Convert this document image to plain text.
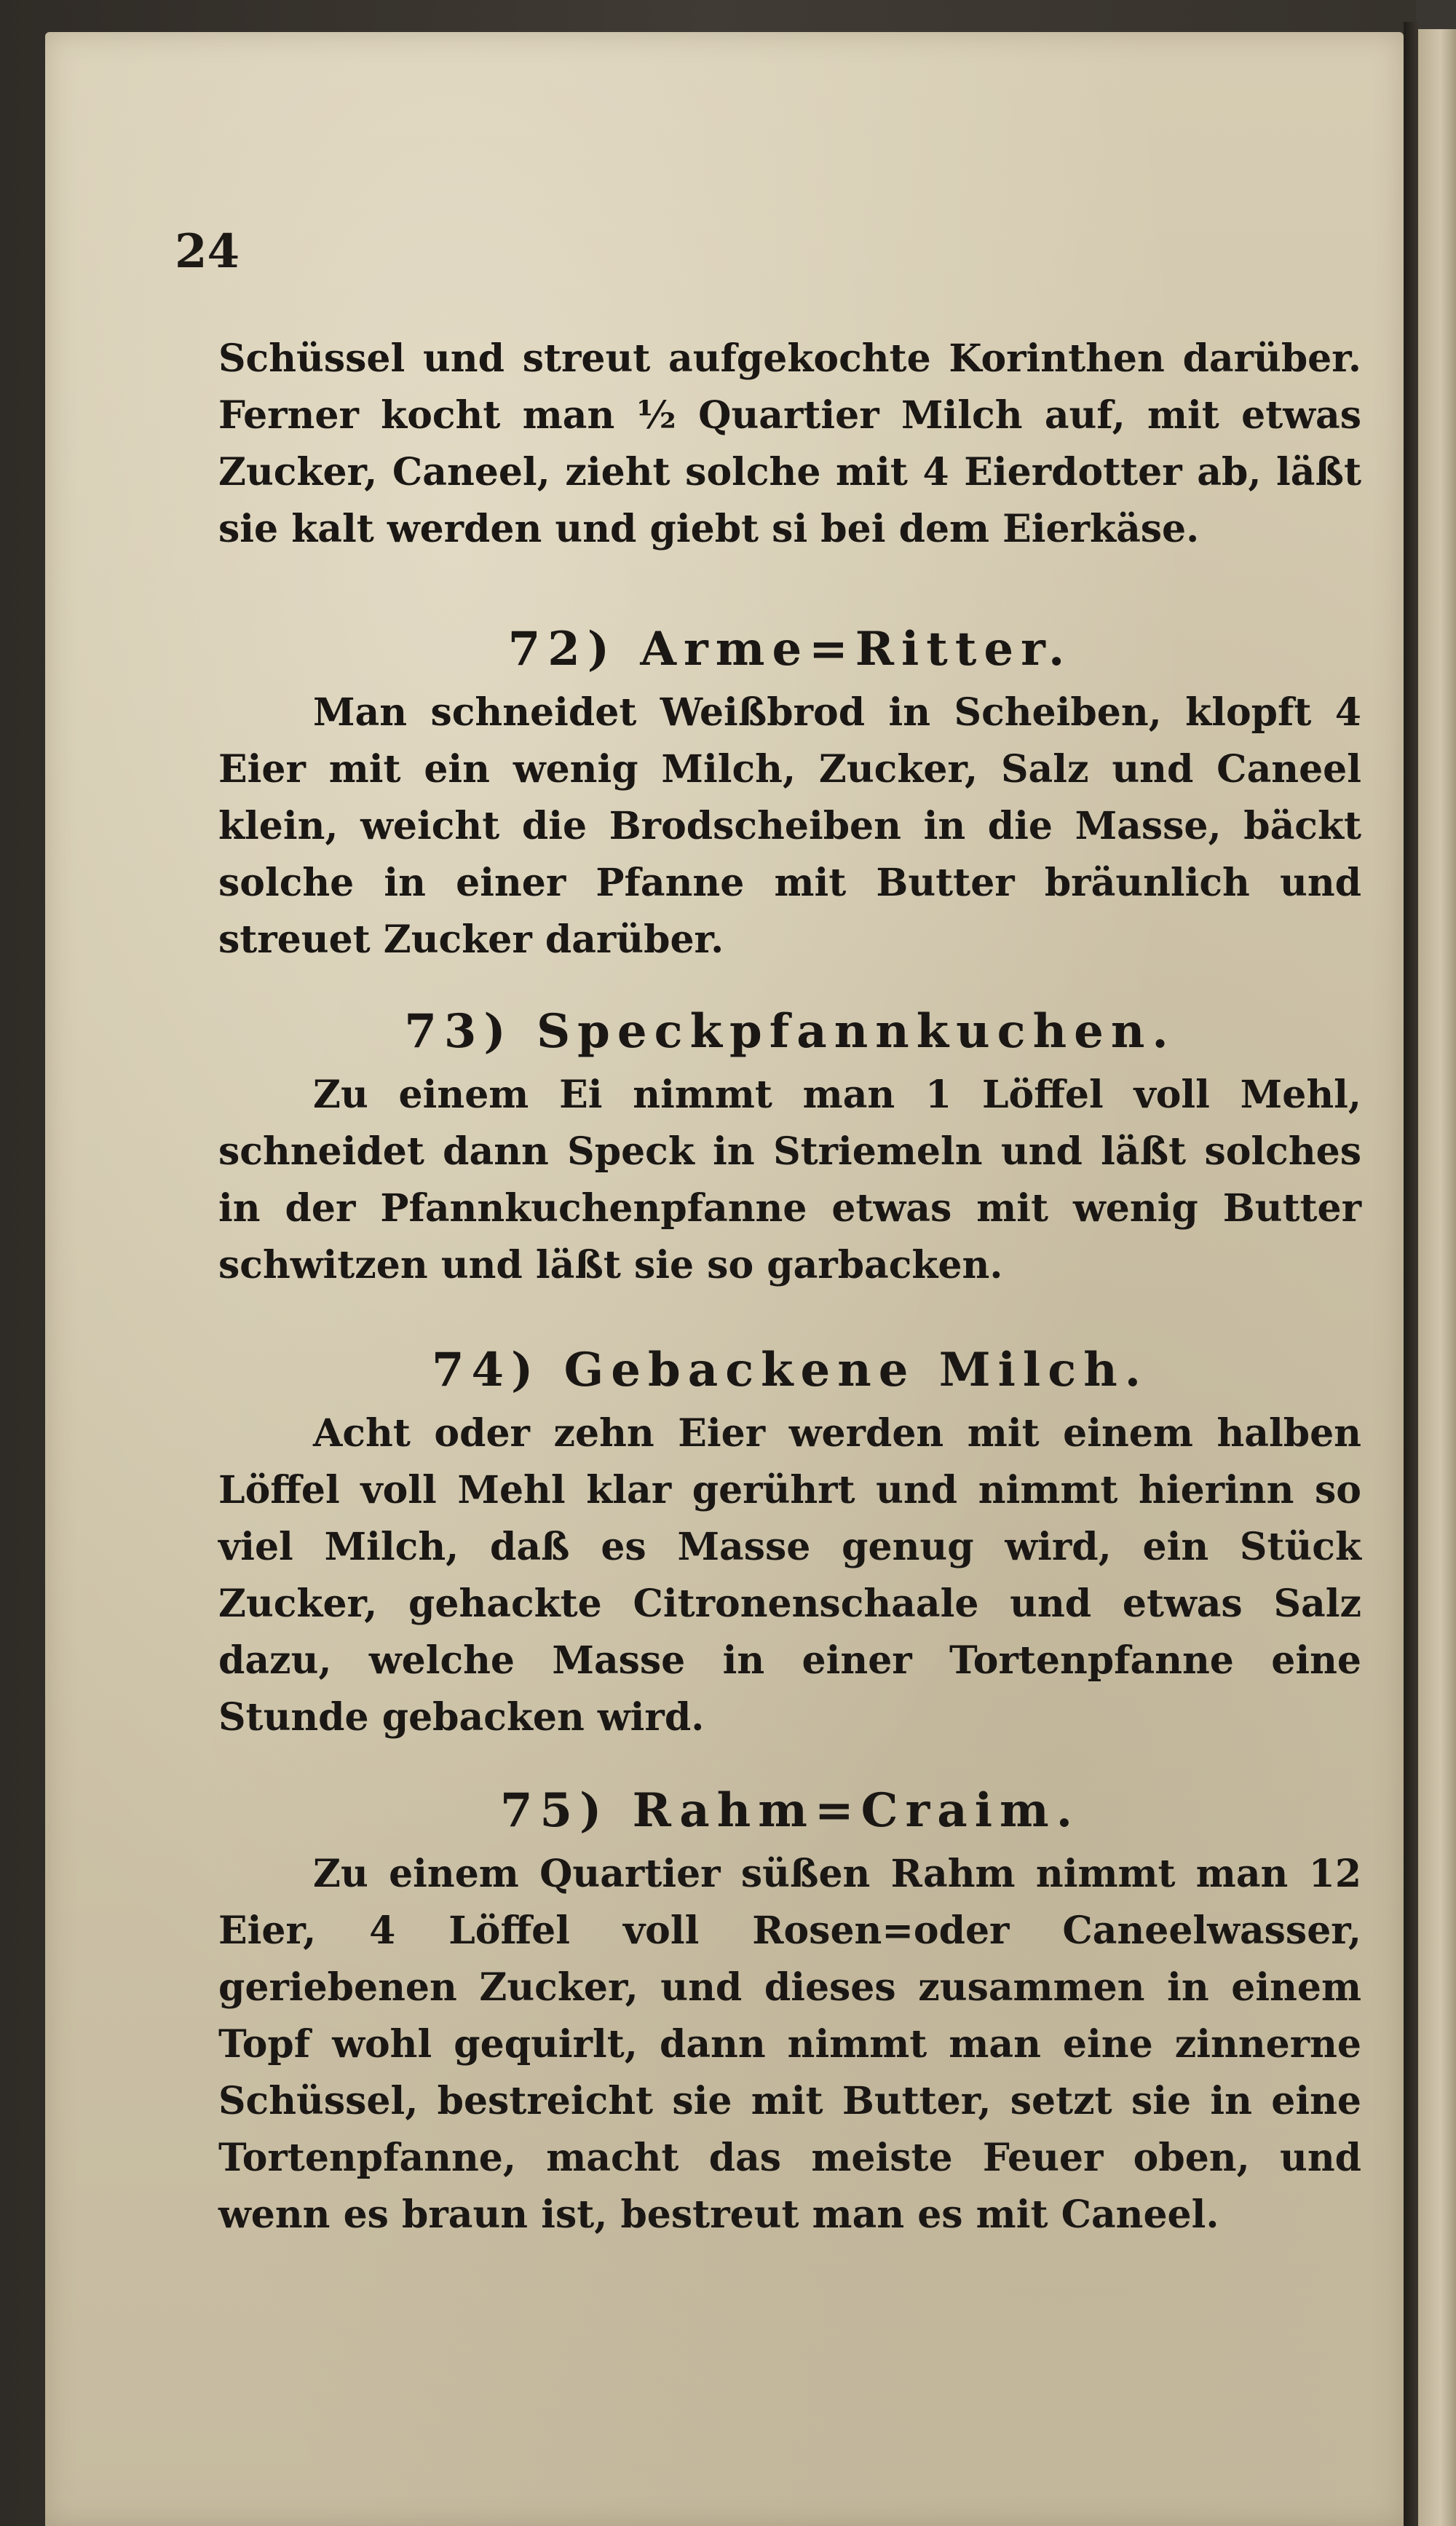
24

Schüssel und streut aufgekochte Korinthen darüber. Ferner kocht man ½ Quartier Milch auf, mit etwas Zucker, Caneel, zieht solche mit 4 Eierdotter ab, läßt sie kalt werden und giebt si bei dem Eierkäse.

72) Arme=Ritter.

Man schneidet Weißbrod in Scheiben, klopft 4 Eier mit ein wenig Milch, Zucker, Salz und Caneel klein, weicht die Brodscheiben in die Masse, bäckt solche in einer Pfanne mit Butter bräunlich und streuet Zucker darüber.

73) Speckpfannkuchen.

Zu einem Ei nimmt man 1 Löffel voll Mehl, schneidet dann Speck in Striemeln und läßt solches in der Pfannkuchenpfanne etwas mit wenig Butter schwitzen und läßt sie so garbacken.

74) Gebackene Milch.

Acht oder zehn Eier werden mit einem halben Löffel voll Mehl klar gerührt und nimmt hierinn so viel Milch, daß es Masse genug wird, ein Stück Zucker, gehackte Citronenschaale und etwas Salz dazu, welche Masse in einer Tortenpfanne eine Stunde gebacken wird.

75) Rahm=Craim.

Zu einem Quartier süßen Rahm nimmt man 12 Eier, 4 Löffel voll Rosen=oder Caneelwasser, geriebenen Zucker, und dieses zusammen in einem Topf wohl gequirlt, dann nimmt man eine zinnerne Schüssel, bestreicht sie mit Butter, setzt sie in eine Tortenpfanne, macht das meiste Feuer oben, und wenn es braun ist, bestreut man es mit Caneel.
